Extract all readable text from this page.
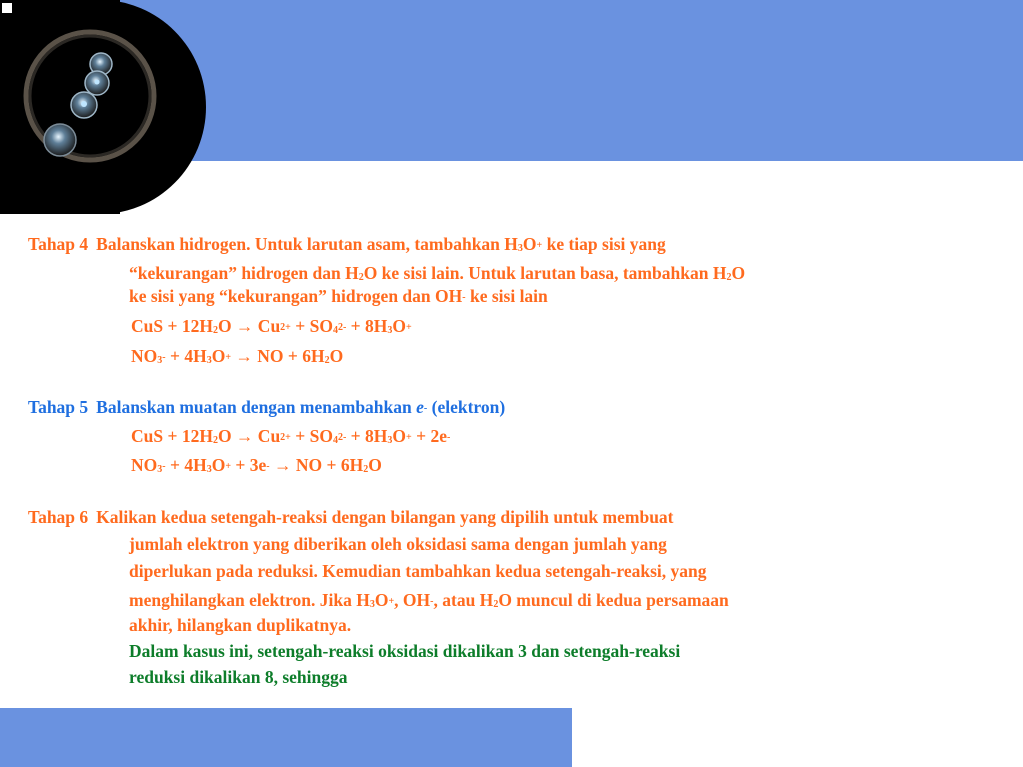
Tahap 4 Balanskan hidrogen. Untuk larutan asam, tambahkan $H_3O^+$ ke tiap sisi yang
“kekurangan” hidrogen dan $H_2O$ ke sisi lain. Untuk larutan basa, tambahkan $H_2O$
ke sisi yang “kekurangan” hidrogen dan OH- ke sisi lain
CuS + $12H_2O \to Cu^{2+} + SO_4^{2-} + 8H_3O^+$
$NO_3^- + 4H_3O^+$ → NO + $6H_2O$
Tahap 5 Balanskan muatan dengan menambahkan e- (elektron)
CuS + $12H_2O \to Cu^{2+} + SO_4^{2-} + 8H_3O^+ + 2e^-$
$NO_3^- + 4H_3O^+ + 3e^-$ → NO + $6H_2O$
Tahap 6 Kalikan kedua setengah-reaksi dengan bilangan yang dipilih untuk membuat
jumlah elektron yang diberikan oleh oksidasi sama dengan jumlah yang
diperlukan pada reduksi. Kemudian tambahkan kedua setengah-reaksi, yang
menghilangkan elektron. Jika $H_3O^+$, OH-, atau $H_2O$ muncul di kedua persamaan
akhir, hilangkan duplikatnya.
Dalam kasus ini, setengah-reaksi oksidasi dikalikan 3 dan setengah-reaksi
reduksi dikalikan 8, sehingga
